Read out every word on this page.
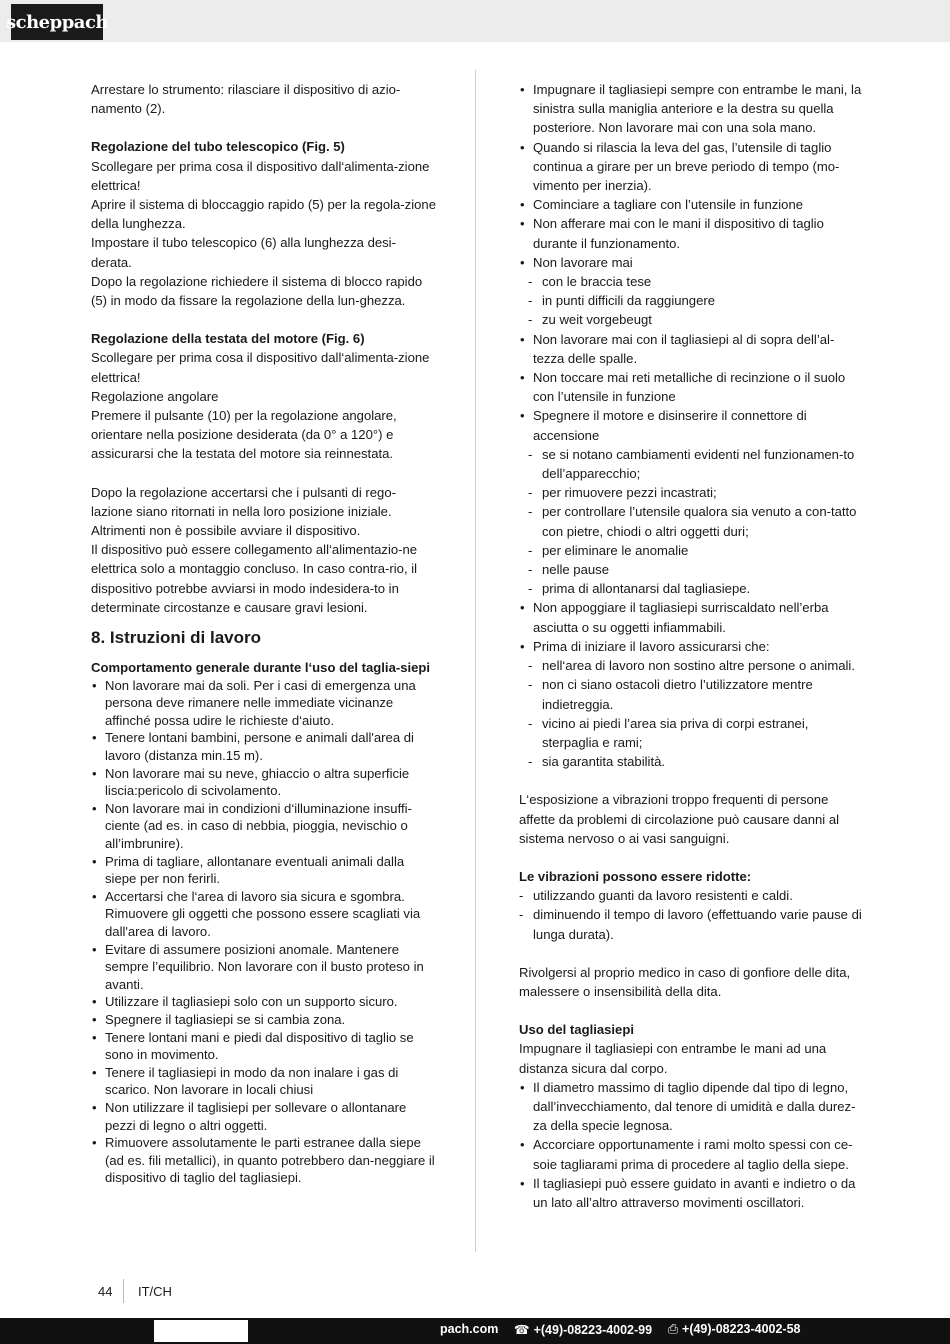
scheppach

Arrestare lo strumento: rilasciare il dispositivo di azio-namento (2).

Regolazione del tubo telescopico (Fig. 5)

Scollegare per prima cosa il dispositivo dall‘alimenta-zione elettrica!

Aprire il sistema di bloccaggio rapido (5) per la regola-zione della lunghezza.

Impostare il tubo telescopico (6) alla lunghezza desi-derata.

Dopo la regolazione richiedere il sistema di blocco rapido (5) in modo da fissare la regolazione della lun-ghezza.

Regolazione della testata del motore (Fig. 6)

Scollegare per prima cosa il dispositivo dall‘alimenta-zione elettrica!

Regolazione angolare

Premere il pulsante (10) per la regolazione angolare, orientare nella posizione desiderata (da 0° a 120°) e assicurarsi che la testata del motore sia reinnestata.

Dopo la regolazione accertarsi che i pulsanti di rego-lazione siano ritornati in nella loro posizione iniziale.

Altrimenti non è possibile avviare il dispositivo.

Il dispositivo può essere collegamento all‘alimentazio-ne elettrica solo a montaggio concluso. In caso contra-rio, il dispositivo potrebbe avviarsi in modo indesidera-to in determinate circostanze e causare gravi lesioni.

8. Istruzioni di lavoro

Comportamento generale durante l‘uso del taglia-siepi

• Non lavorare mai da soli. Per i casi di emergenza una persona deve rimanere nelle immediate vicinanze affinché possa udire le richieste d‘aiuto.
• Tenere lontani bambini, persone e animali dall'area di lavoro (distanza min.15 m).
• Non lavorare mai su neve, ghiaccio o altra superficie liscia:pericolo di scivolamento.
• Non lavorare mai in condizioni d‘illuminazione insuffi-ciente (ad es. in caso di nebbia, pioggia, nevischio o all’imbrunire).
• Prima di tagliare, allontanare eventuali animali dalla siepe per non ferirli.
• Accertarsi che l‘area di lavoro sia sicura e sgombra. Rimuovere gli oggetti che possono essere scagliati via dall'area di lavoro.
• Evitare di assumere posizioni anomale. Mantenere sempre l’equilibrio. Non lavorare con il busto proteso in avanti.
• Utilizzare il tagliasiepi solo con un supporto sicuro.
• Spegnere il tagliasiepi se si cambia zona.
• Tenere lontani mani e piedi dal dispositivo di taglio se sono in movimento.
• Tenere il tagliasiepi in modo da non inalare i gas di scarico. Non lavorare in locali chiusi
• Non utilizzare il taglisiepi per sollevare o allontanare pezzi di legno o altri oggetti.
• Rimuovere assolutamente le parti estranee dalla siepe (ad es. fili metallici), in quanto potrebbero dan-neggiare il dispositivo di taglio del tagliasiepi.
• Impugnare il tagliasiepi sempre con entrambe le mani, la sinistra sulla maniglia anteriore e la destra su quella posteriore. Non lavorare mai con una sola mano.
• Quando si rilascia la leva del gas, l’utensile di taglio continua a girare per un breve periodo di tempo (mo-vimento per inerzia).
• Cominciare a tagliare con l’utensile in funzione
• Non afferare mai con le mani il dispositivo di taglio durante il funzionamento.
• Non lavorare mai
- con le braccia tese
- in punti difficili da raggiungere
- zu weit vorgebeugt
• Non lavorare mai con il tagliasiepi al di sopra dell’al-tezza delle spalle.
• Non toccare mai reti metalliche di recinzione o il suolo con l’utensile in funzione
• Spegnere il motore e disinserire il connettore di accensione
- se si notano cambiamenti evidenti nel funzionamen-to dell’apparecchio;
- per rimuovere pezzi incastrati;
- per controllare l’utensile qualora sia venuto a con-tatto con pietre, chiodi o altri oggetti duri;
- per eliminare le anomalie
- nelle pause
- prima di allontanarsi dal tagliasiepe.
• Non appoggiare il tagliasiepi surriscaldato nell’erba asciutta o su oggetti infiammabili.
• Prima di iniziare il lavoro assicurarsi che:
- nell‘area di lavoro non sostino altre persone o animali.
- non ci siano ostacoli dietro l’utilizzatore mentre indietreggia.
- vicino ai piedi l’area sia priva di corpi estranei, sterpaglia e rami;
- sia garantita stabilità.

L‘esposizione a vibrazioni troppo frequenti di persone affette da problemi di circolazione può causare danni al sistema nervoso o ai vasi sanguigni.

Le vibrazioni possono essere ridotte:

- utilizzando guanti da lavoro resistenti e caldi.
- diminuendo il tempo di lavoro (effettuando varie pause di lunga durata).

Rivolgersi al proprio medico in caso di gonfiore delle dita, malessere o insensibilità della dita.

Uso del tagliasiepi

Impugnare il tagliasiepi con entrambe le mani ad una distanza sicura dal corpo.

• Il diametro massimo di taglio dipende dal tipo di legno, dall’invecchiamento, dal tenore di umidità e dalla durez-za della specie legnosa.
• Accorciare opportunamente i rami molto spessi con ce-soie tagliarami prima di procedere al taglio della siepe.
• Il tagliasiepi può essere guidato in avanti e indietro o da un lato all’altro attraverso movimenti oscillatori.
44 IT/CH
pach.com ☎ +(49)-08223-4002-99 ⎙ +(49)-08223-4002-58
